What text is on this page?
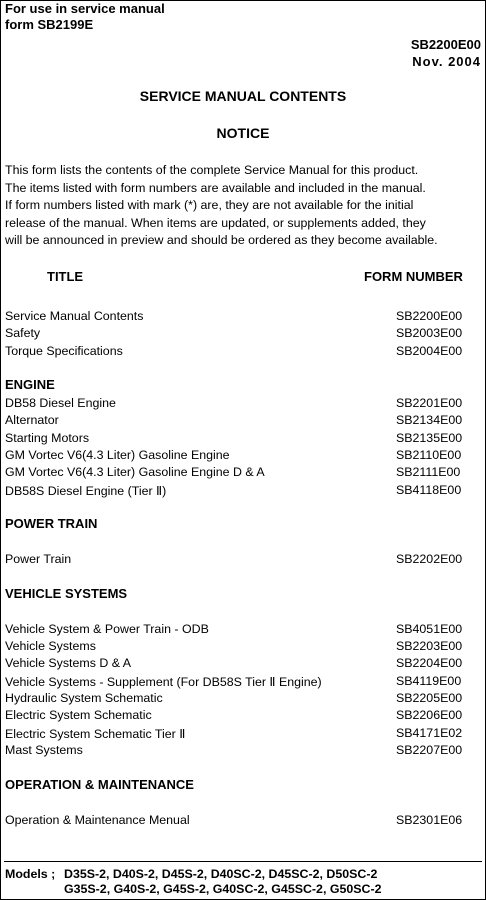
For use in service manual
form SB2199E
SB2200E00
Nov. 2004
SERVICE MANUAL CONTENTS
NOTICE

This form lists the contents of the complete Service Manual for this product.

The items listed with form numbers are available and included in the manual.

If form numbers listed with mark (*) are, they are not available for the initial

release of the manual. When items are updated, or supplements added, they

will be announced in preview and should be ordered as they become available.

TITLE	FORM NUMBER
Service Manual Contents	SB2200E00
Safety	SB2003E00
Torque Specifications	SB2004E00
ENGINE
DB58 Diesel Engine	SB2201E00
Alternator	SB2134E00
Starting Motors	SB2135E00
GM Vortec V6(4.3 Liter) Gasoline Engine	SB2110E00
GM Vortec V6(4.3 Liter) Gasoline Engine D & A	SB2111E00
DB58S Diesel Engine (Tier Ⅱ)	SB4118E00
POWER TRAIN
Power Train	SB2202E00
VEHICLE SYSTEMS
Vehicle System & Power Train - ODB	SB4051E00
Vehicle Systems	SB2203E00
Vehicle Systems D & A	SB2204E00
Vehicle Systems - Supplement (For DB58S Tier Ⅱ Engine)	SB4119E00
Hydraulic System Schematic	SB2205E00
Electric System Schematic	SB2206E00
Electric System Schematic Tier Ⅱ	SB4171E02
Mast Systems	SB2207E00
OPERATION & MAINTENANCE
Operation & Maintenance Menual	SB2301E06
Models ; D35S-2, D40S-2, D45S-2, D40SC-2, D45SC-2, D50SC-2
G35S-2, G40S-2, G45S-2, G40SC-2, G45SC-2, G50SC-2
